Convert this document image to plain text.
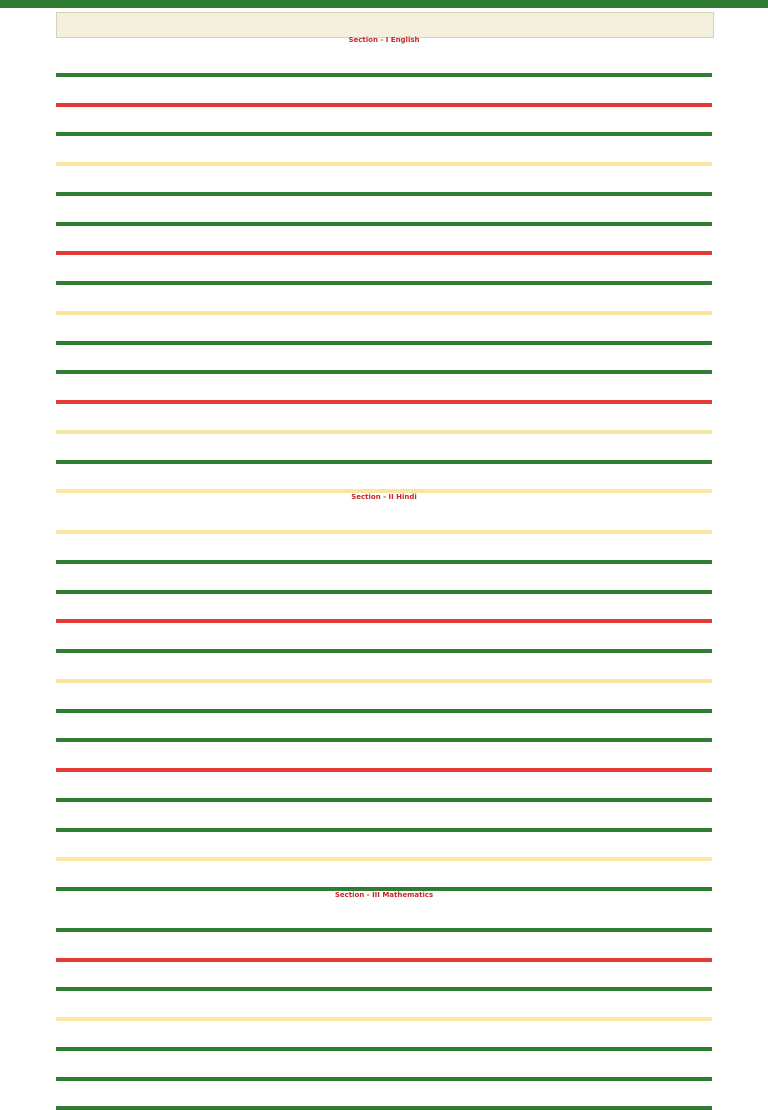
Section - I English
Section - II Hindi
Section - III Mathematics
